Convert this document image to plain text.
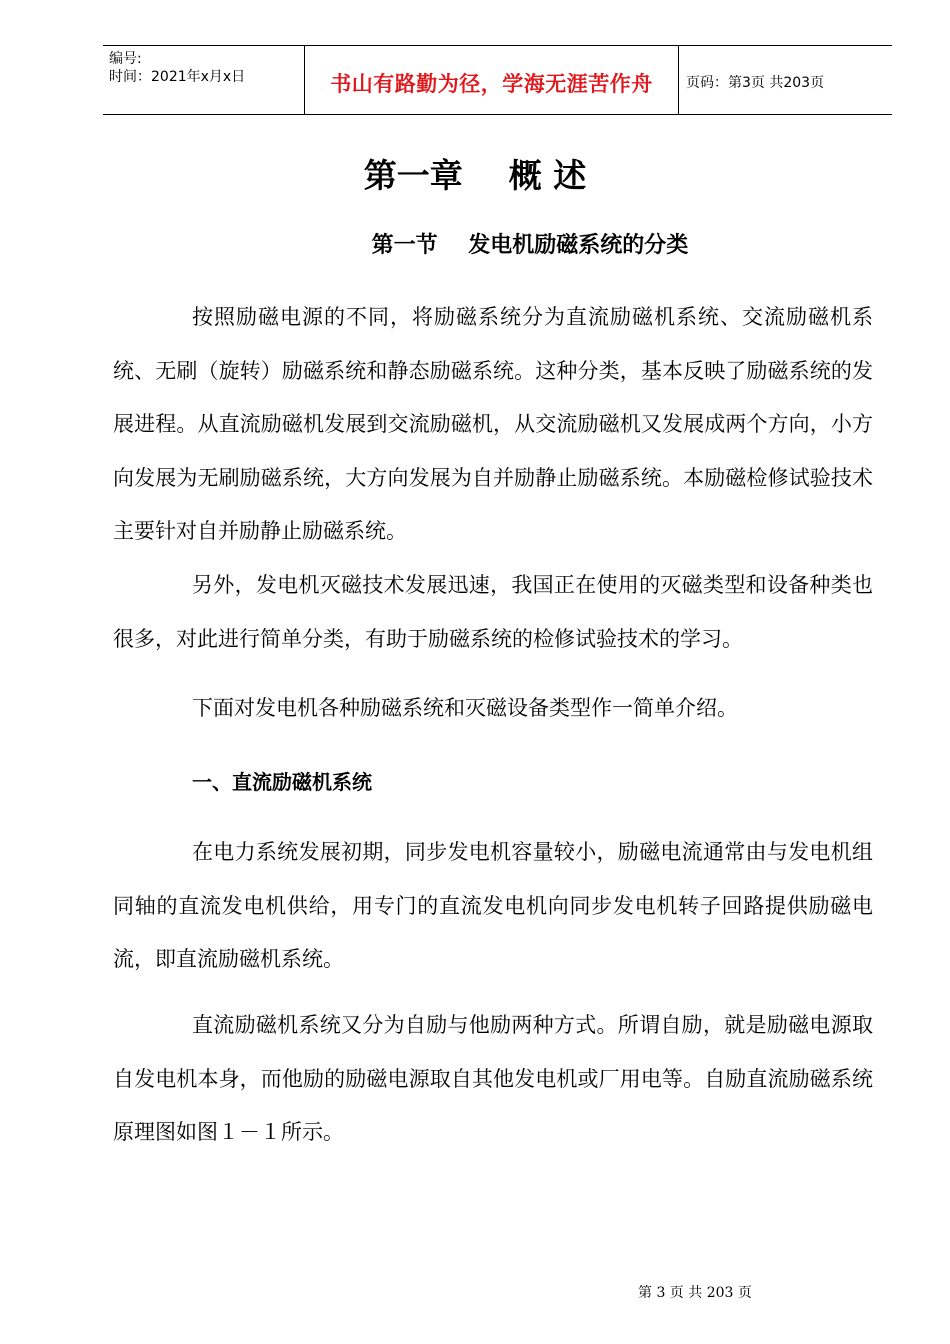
编号:
时间：2021年x月x日	书山有路勤为径，学海无涯苦作舟	页码：第3页 共203页
第一章    概 述
第一节    发电机励磁系统的分类

按照励磁电源的不同，将励磁系统分为直流励磁机系统、交流励磁机系统、无刷（旋转）励磁系统和静态励磁系统。这种分类，基本反映了励磁系统的发展进程。从直流励磁机发展到交流励磁机，从交流励磁机又发展成两个方向，小方向发展为无刷励磁系统，大方向发展为自并励静止励磁系统。本励磁检修试验技术主要针对自并励静止励磁系统。

另外，发电机灭磁技术发展迅速，我国正在使用的灭磁类型和设备种类也很多，对此进行简单分类，有助于励磁系统的检修试验技术的学习。

下面对发电机各种励磁系统和灭磁设备类型作一简单介绍。

一、直流励磁机系统

在电力系统发展初期，同步发电机容量较小，励磁电流通常由与发电机组同轴的直流发电机供给，用专门的直流发电机向同步发电机转子回路提供励磁电流，即直流励磁机系统。

直流励磁机系统又分为自励与他励两种方式。所谓自励，就是励磁电源取自发电机本身，而他励的励磁电源取自其他发电机或厂用电等。自励直流励磁系统原理图如图１－１所示。

第 3 页 共 203 页
